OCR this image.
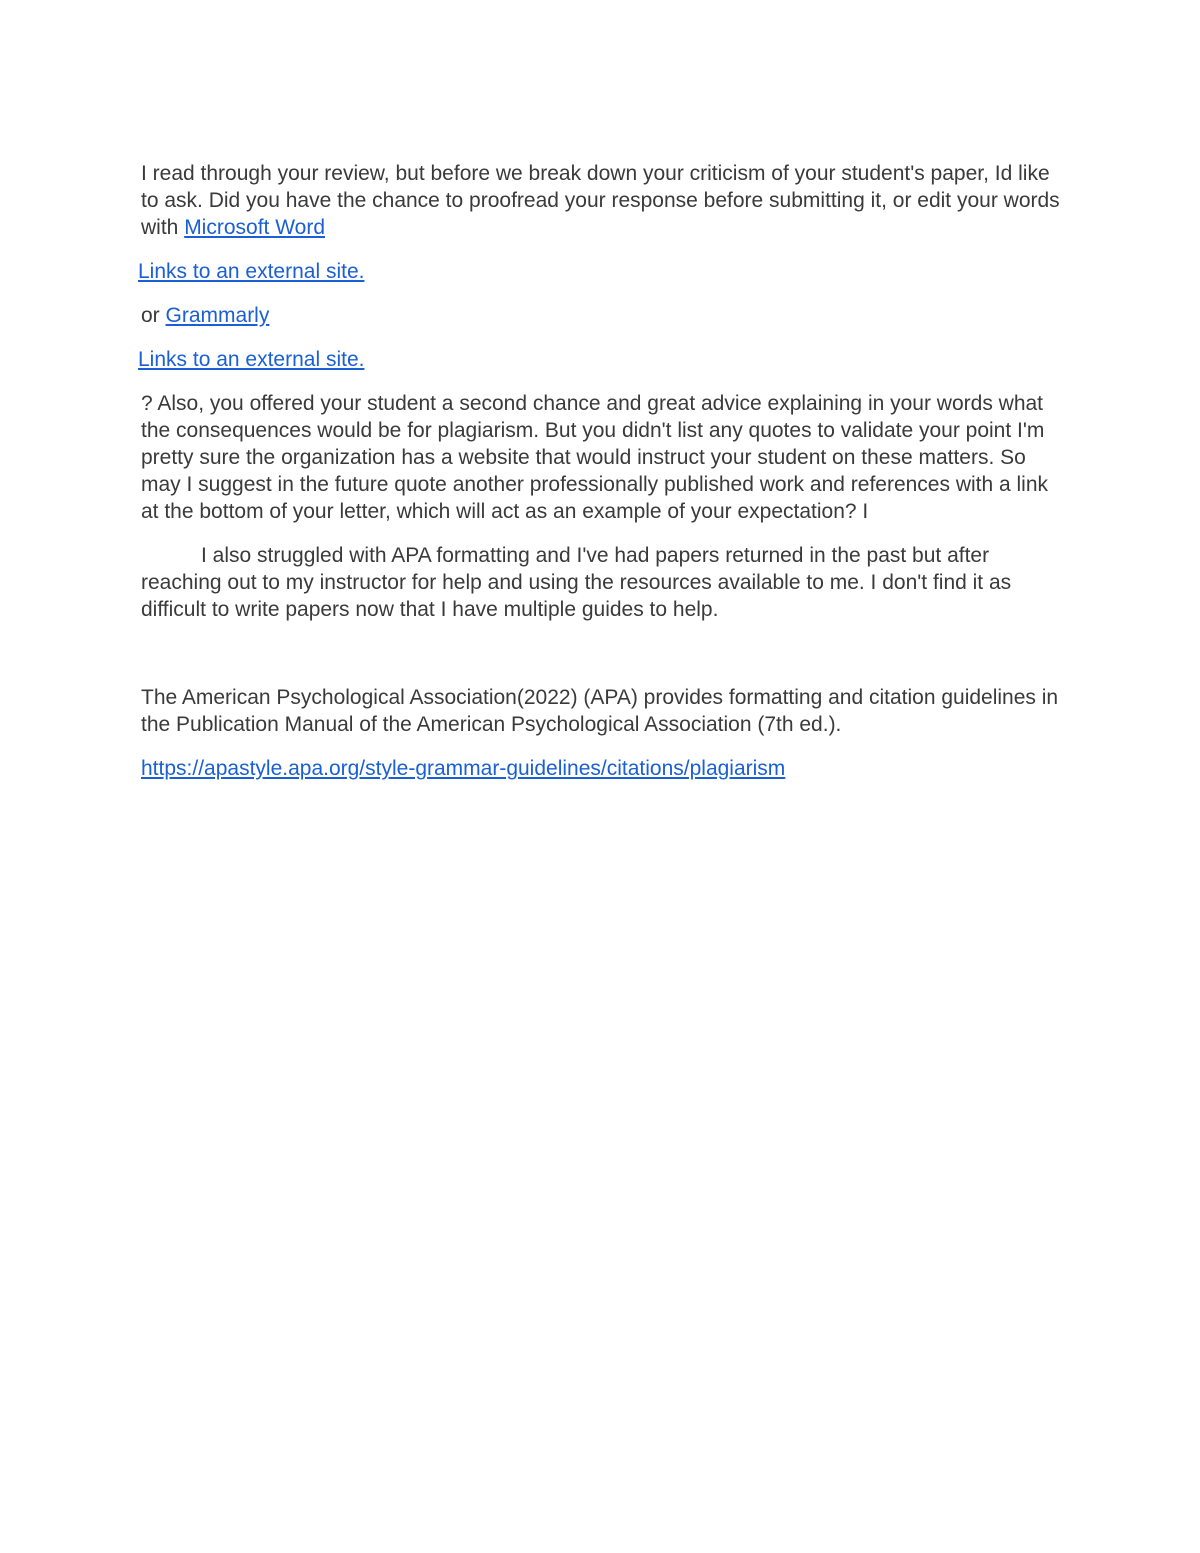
I read through your review, but before we break down your criticism of your student's paper, Id like to ask. Did you have the chance to proofread your response before submitting it, or edit your words with Microsoft Word

Links to an external site.

or Grammarly

Links to an external site.

? Also, you offered your student a second chance and great advice explaining in your words what the consequences would be for plagiarism. But you didn't list any quotes to validate your point I'm pretty sure the organization has a website that would instruct your student on these matters. So may I suggest in the future quote another professionally published work and references with a link at the bottom of your letter, which will act as an example of your expectation? I

I also struggled with APA formatting and I've had papers returned in the past but after reaching out to my instructor for help and using the resources available to me. I don't find it as difficult to write papers now that I have multiple guides to help.

The American Psychological Association(2022) (APA) provides formatting and citation guidelines in the Publication Manual of the American Psychological Association (7th ed.).

https://apastyle.apa.org/style-grammar-guidelines/citations/plagiarism
